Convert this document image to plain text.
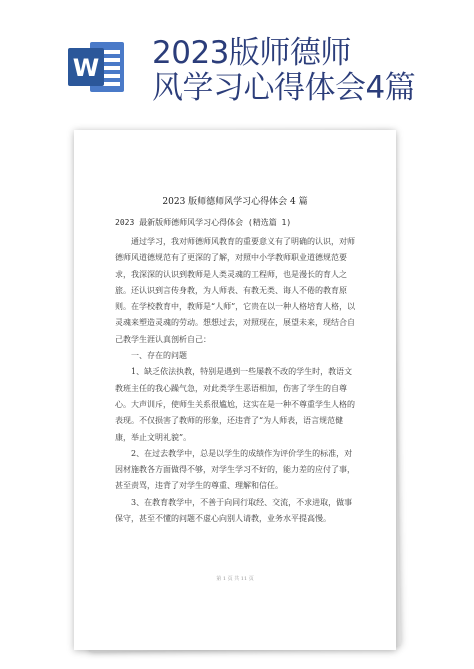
W 2023版师德师
风学习心得体会4篇
2023 版师德师风学习心得体会 4 篇
2023 最新版师德师风学习心得体会 (精选篇 1)

通过学习，我对师德师风教育的重要意义有了明确的认识，对师德师风道德规范有了更深的了解，对照中小学教师职业道德规范要求，我深深的认识到教师是人类灵魂的工程师，也是漫长的育人之旅。还认识到言传身教，为人师表、有教无类、诲人不倦的教育原则。在学校教育中，教师是“人师”，它贵在以一种人格培育人格，以灵魂来塑造灵魂的劳动。想想过去，对照现在，展望未来，现结合自己教学生涯认真剖析自己：

一、存在的问题

1、缺乏依法执教，特别是遇到一些屡教不改的学生时，教语文教班主任的我心躁气急，对此类学生恶语相加，伤害了学生的自尊心。大声训斥，使师生关系很尴尬，这实在是一种不尊重学生人格的表现。不仅损害了教师的形象，还违背了“为人师表，语言规范健康，举止文明礼貌”。

2、在过去教学中，总是以学生的成绩作为评价学生的标准，对因材施教各方面做得不够，对学生学习不好的，能力差的应付了事，甚至责骂，违背了对学生的尊重、理解和信任。

3、在教育教学中，不善于向同行取经、交流，不求进取，做事保守，甚至不懂的问题不虚心向别人请教，业务水平提高慢。

第 1 页 共 11 页
